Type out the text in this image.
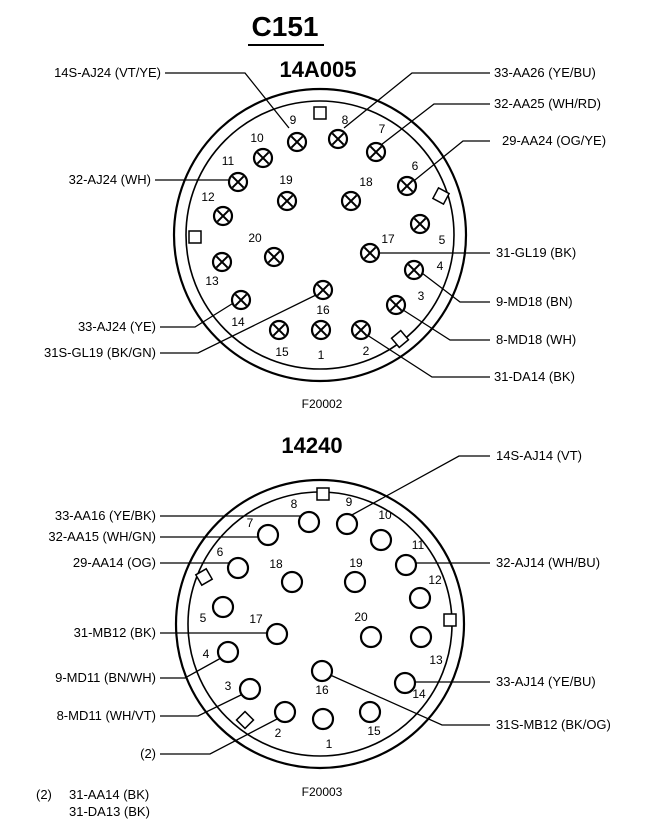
C151
14A005
14S-AJ24 (VT/YE)	33-AA26 (YE/BU)
32-AA25 (WH/RD)
29-AA24 (OG/YE)
32-AJ24 (WH)
31-GL19 (BK)
9-MD18 (BN)
8-MD18 (WH)
33-AJ24 (YE)
31S-GL19 (BK/GN)
31-DA14 (BK)
1	2
3
4
5
6
7
8
9
10
11
12
13
14
15
16
17
18
19
20
F20002
14240	14S-AJ14 (VT)
33-AA16 (YE/BK)
32-AA15 (WH/GN)
29-AA14 (OG)	32-AJ14 (WH/BU)
31-MB12 (BK)
9-MD11 (BN/WH)	33-AJ14 (YE/BU)
8-MD11 (WH/VT)
31S-MB12 (BK/OG)
(2)
1
2
3
4
5
6
7
8	9
10
11
12
13
14
15
16
17
18	19
20
F20003
(2) 31-AA14 (BK)
31-DA13 (BK)
